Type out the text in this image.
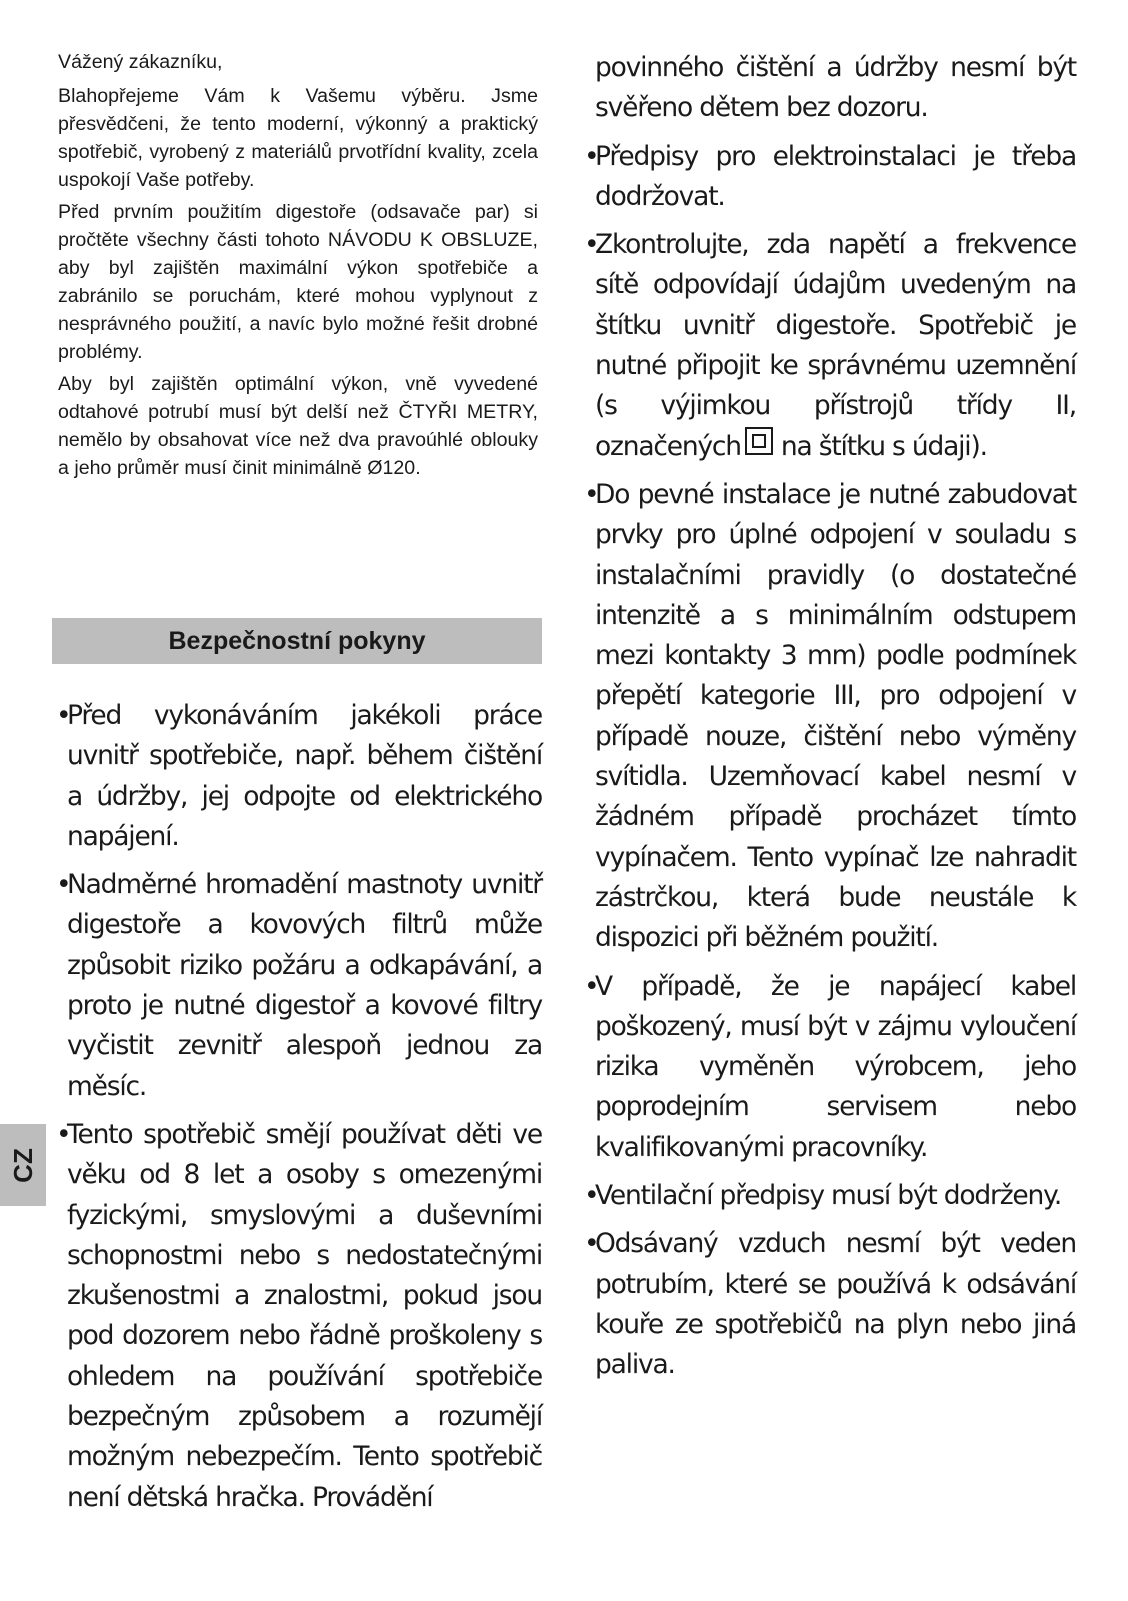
Vážený zákazníku,

Blahopřejeme Vám k Vašemu výběru. Jsme přesvědčeni, že tento moderní, výkonný a praktický spotřebič, vyrobený z materiálů prvotřídní kvality, zcela uspokojí Vaše potřeby.

Před prvním použitím digestoře (odsavače par) si pročtěte všechny části tohoto NÁVODU K OBSLUZE, aby byl zajištěn maximální výkon spotřebiče a zabránilo se poruchám, které mohou vyplynout z nesprávného použití, a navíc bylo možné řešit drobné problémy.

Aby byl zajištěn optimální výkon, vně vyvedené odtahové potrubí musí být delší než ČTYŘI METRY, nemělo by obsahovat více než dva pravoúhlé oblouky a jeho průměr musí činit minimálně Ø120.

Bezpečnostní pokyny
• Před vykonáváním jakékoli práce uvnitř spotřebiče, např. během čištění a údržby, jej odpojte od elektrického napájení.
• Nadměrné hromadění mastnoty uvnitř digestoře a kovových filtrů může způsobit riziko požáru a odkapávání, a proto je nutné digestoř a kovové filtry vyčistit zevnitř alespoň jednou za měsíc.
• Tento spotřebič smějí používat děti ve věku od 8 let a osoby s omezenými fyzickými, smyslovými a duševními schopnostmi nebo s nedostatečnými zkušenostmi a znalostmi, pokud jsou pod dozorem nebo řádně proškoleny s ohledem na používání spotřebiče bezpečným způsobem a rozumějí možným nebezpečím. Tento spotřebič není dětská hračka. Provádění
povinného čištění a údržby nesmí být svěřeno dětem bez dozoru.
• Předpisy pro elektroinstalaci je třeba dodržovat.
• Zkontrolujte, zda napětí a frekvence sítě odpovídají údajům uvedeným na štítku uvnitř digestoře. Spotřebič je nutné připojit ke správnému uzemnění (s výjimkou přístrojů třídy II, označených na štítku s údaji).
• Do pevné instalace je nutné zabudovat prvky pro úplné odpojení v souladu s instalačními pravidly (o dostatečné intenzitě a s minimálním odstupem mezi kontakty 3 mm) podle podmínek přepětí kategorie III, pro odpojení v případě nouze, čištění nebo výměny svítidla. Uzemňovací kabel nesmí v žádném případě procházet tímto vypínačem. Tento vypínač lze nahradit zástrčkou, která bude neustále k dispozici při běžném použití.
• V případě, že je napájecí kabel poškozený, musí být v zájmu vyloučení rizika vyměněn výrobcem, jeho poprodejním servisem nebo kvalifikovanými pracovníky.
• Ventilační předpisy musí být dodrženy.
• Odsávaný vzduch nesmí být veden potrubím, které se používá k odsávání kouře ze spotřebičů na plyn nebo jiná paliva.
CZ
